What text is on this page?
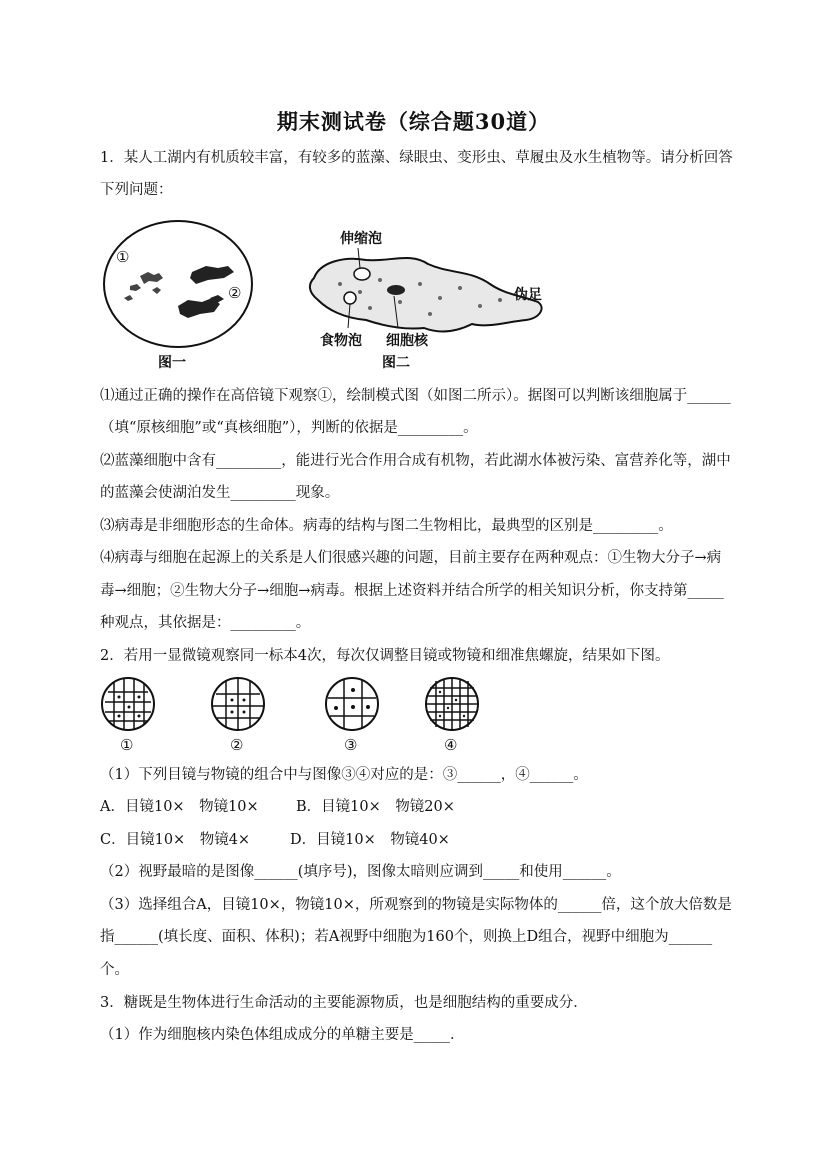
期末测试卷（综合题30道）
1．某人工湖内有机质较丰富，有较多的蓝藻、绿眼虫、变形虫、草履虫及水生植物等。请分析回答
下列问题：
①
②
图一
伸缩泡
伪足
食物泡 细胞核
图二
⑴通过正确的操作在高倍镜下观察①，绘制模式图（如图二所示）。据图可以判断该细胞属于______
（填“原核细胞”或“真核细胞”），判断的依据是_________。
⑵蓝藻细胞中含有_________，能进行光合作用合成有机物，若此湖水体被污染、富营养化等，湖中
的蓝藻会使湖泊发生_________现象。
⑶病毒是非细胞形态的生命体。病毒的结构与图二生物相比，最典型的区别是_________。
⑷病毒与细胞在起源上的关系是人们很感兴趣的问题，目前主要存在两种观点：①生物大分子→病
毒→细胞；②生物大分子→细胞→病毒。根据上述资料并结合所学的相关知识分析，你支持第_____
种观点，其依据是：_________。
2．若用一显微镜观察同一标本4次，每次仅调整目镜或物镜和细准焦螺旋，结果如下图。
①	②	③	④
（1）下列目镜与物镜的组合中与图像③④对应的是：③______，④______。
A．目镜10×　物镜10×	B．目镜10×　物镜20×
C．目镜10×　物镜4×	D．目镜10×　物镜40×
（2）视野最暗的是图像______(填序号)，图像太暗则应调到_____和使用______。
（3）选择组合A，目镜10×，物镜10×，所观察到的物镜是实际物体的______倍，这个放大倍数是
指______(填长度、面积、体积)；若A视野中细胞为160个，则换上D组合，视野中细胞为______
个。
3．糖既是生物体进行生命活动的主要能源物质，也是细胞结构的重要成分．
（1）作为细胞核内染色体组成成分的单糖主要是_____．
